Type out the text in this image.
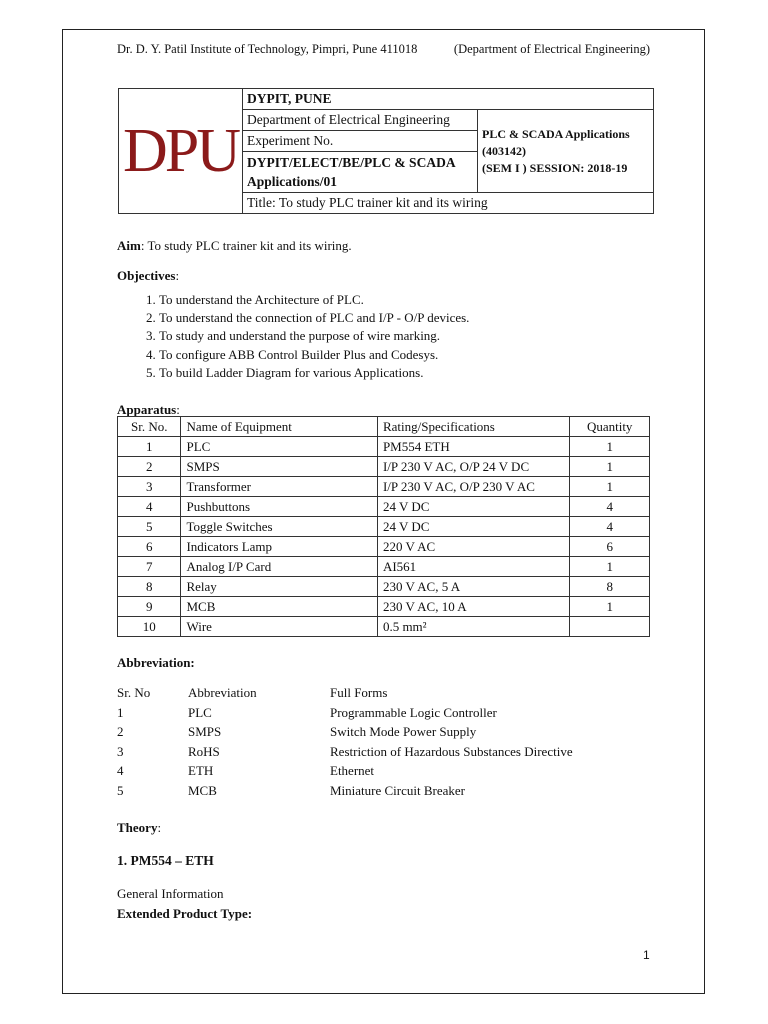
Dr. D. Y. Patil Institute of Technology, Pimpri, Pune 411018	(Department of Electrical Engineering)
DPU	DYPIT, PUNE	
	Department of Electrical Engineering	PLC & SCADA Applications
(403142)
(SEM I ) SESSION: 2018-19

	Experiment No.	
	DYPIT/ELECT/BE/PLC & SCADA Applications/01	

	Title: To study PLC trainer kit and its wiring	
Aim: To study PLC trainer kit and its wiring.
Objectives:
1. To understand the Architecture of PLC.
2. To understand the connection of PLC and I/P - O/P devices.
3. To study and understand the purpose of wire marking.
4. To configure ABB Control Builder Plus and Codesys.
5. To build Ladder Diagram for various Applications.
Apparatus:
Sr. No.	Name of Equipment	Rating/Specifications	Quantity
1	PLC	PM554 ETH	1
2	SMPS	I/P 230 V AC, O/P 24 V DC	1
3	Transformer	I/P 230 V AC, O/P 230 V AC	1
4	Pushbuttons	24 V DC	4
5	Toggle Switches	24 V DC	4
6	Indicators Lamp	220 V AC	6
7	Analog I/P Card	AI561	1
8	Relay	230 V AC, 5 A	8
9	MCB	230 V AC, 10 A	1
10	Wire	0.5 mm²	
Abbreviation:
Sr. No	Abbreviation	Full Forms
1	PLC	Programmable Logic Controller
2	SMPS	Switch Mode Power Supply
3	RoHS	Restriction of Hazardous Substances Directive
4	ETH	Ethernet
5	MCB	Miniature Circuit Breaker
Theory:
1. PM554 – ETH
General Information
Extended Product Type:
1
